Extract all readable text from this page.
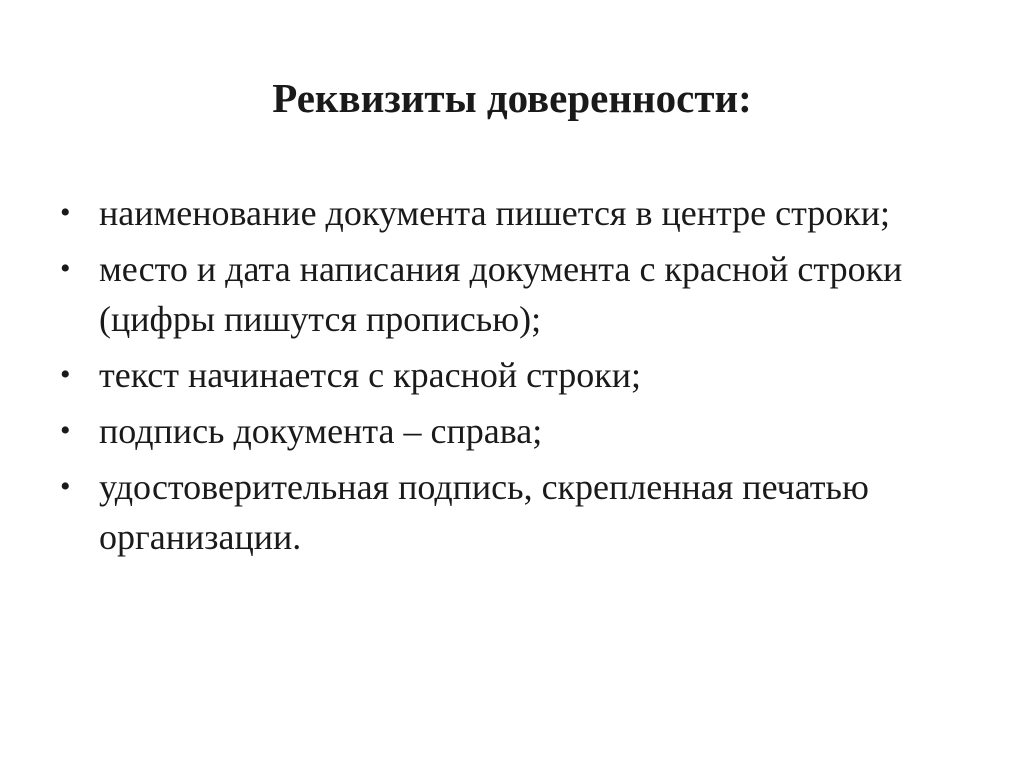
Реквизиты доверенности:
• наименование документа пишется в центре строки;
• место и дата написания документа с красной строки (цифры пишутся прописью);
• текст начинается с красной строки;
• подпись документа – справа;
• удостоверительная подпись, скрепленная печатью организации.
